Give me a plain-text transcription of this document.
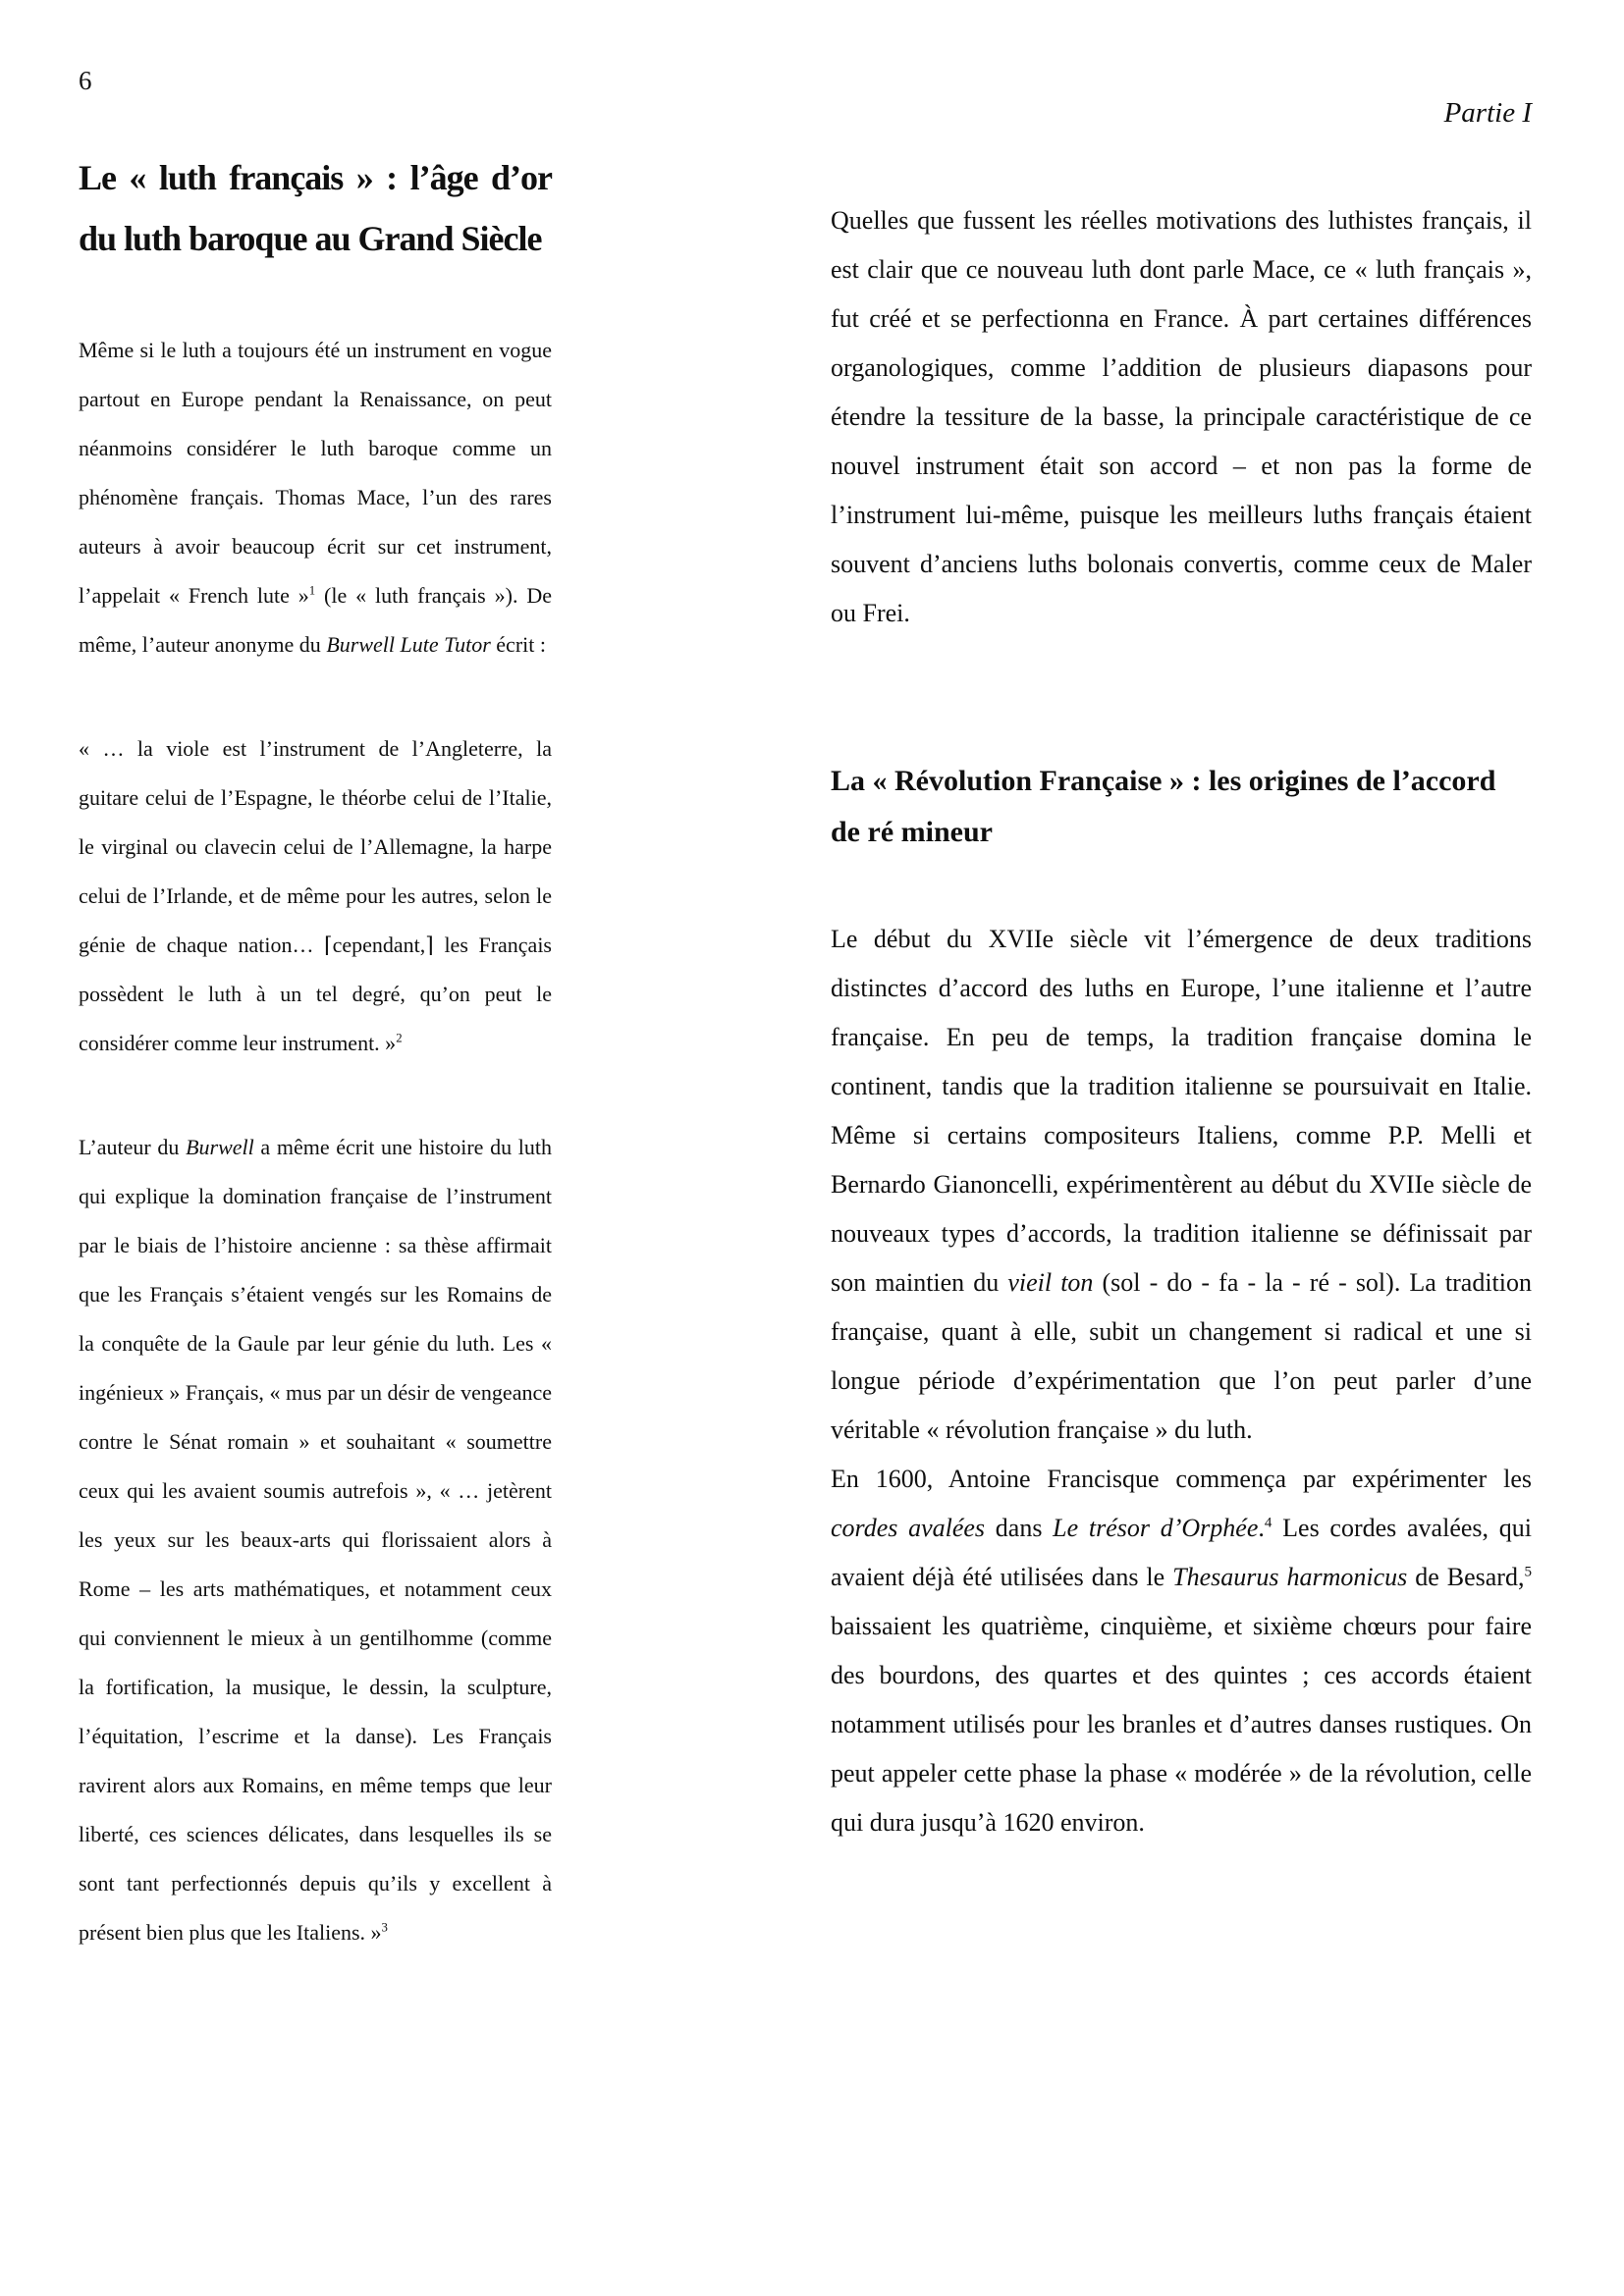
6
Partie I
Le « luth français » : l’âge d’or du luth baroque au Grand Siècle

Même si le luth a toujours été un instrument en vogue partout en Europe pendant la Renaissance, on peut néanmoins considérer le luth baroque comme un phénomène français. Thomas Mace, l’un des rares auteurs à avoir beaucoup écrit sur cet instrument, l’appelait « French lute »$^1$ (le « luth français »). De même, l’auteur anonyme du Burwell Lute Tutor écrit :

« … la viole est l’instrument de l’Angleterre, la guitare celui de l’Espagne, le théorbe celui de l’Italie, le virginal ou clavecin celui de l’Allemagne, la harpe celui de l’Irlande, et de même pour les autres, selon le génie de chaque nation… ⌈cependant,⌉ les Français possèdent le luth à un tel degré, qu’on peut le considérer comme leur instrument. »$^2$

L’auteur du Burwell a même écrit une histoire du luth qui explique la domination française de l’instrument par le biais de l’histoire ancienne : sa thèse affirmait que les Français s’étaient vengés sur les Romains de la conquête de la Gaule par leur génie du luth. Les « ingénieux » Français, « mus par un désir de vengeance contre le Sénat romain » et souhaitant « soumettre ceux qui les avaient soumis autrefois », « … jetèrent les yeux sur les beaux-arts qui florissaient alors à Rome – les arts mathématiques, et notamment ceux qui conviennent le mieux à un gentilhomme (comme la fortification, la musique, le dessin, la sculpture, l’équitation, l’escrime et la danse). Les Français ravirent alors aux Romains, en même temps que leur liberté, ces sciences délicates, dans lesquelles ils se sont tant perfectionnés depuis qu’ils y excellent à présent bien plus que les Italiens. »$^3$

Quelles que fussent les réelles motivations des luthistes français, il est clair que ce nouveau luth dont parle Mace, ce « luth français », fut créé et se perfectionna en France. À part certaines différences organologiques, comme l’addition de plusieurs diapasons pour étendre la tessiture de la basse, la principale caractéristique de ce nouvel instrument était son accord – et non pas la forme de l’instrument lui-même, puisque les meilleurs luths français étaient souvent d’anciens luths bolonais convertis, comme ceux de Maler ou Frei.

La « Révolution Française » : les origines de l’accord de ré mineur

Le début du XVIIe siècle vit l’émergence de deux traditions distinctes d’accord des luths en Europe, l’une italienne et l’autre française. En peu de temps, la tradition française domina le continent, tandis que la tradition italienne se poursuivait en Italie. Même si certains compositeurs Italiens, comme P.P. Melli et Bernardo Gianoncelli, expérimentèrent au début du XVIIe siècle de nouveaux types d’accords, la tradition italienne se définissait par son maintien du vieil ton (sol - do - fa - la - ré - sol). La tradition française, quant à elle, subit un changement si radical et une si longue période d’expérimentation que l’on peut parler d’une véritable « révolution française » du luth.

En 1600, Antoine Francisque commença par expérimenter les cordes avalées dans Le trésor d’Orphée.$^4$ Les cordes avalées, qui avaient déjà été utilisées dans le Thesaurus harmonicus de Besard,$^5$ baissaient les quatrième, cinquième, et sixième chœurs pour faire des bourdons, des quartes et des quintes ; ces accords étaient notamment utilisés pour les branles et d’autres danses rustiques. On peut appeler cette phase la phase « modérée » de la révolution, celle qui dura jusqu’à 1620 environ.
